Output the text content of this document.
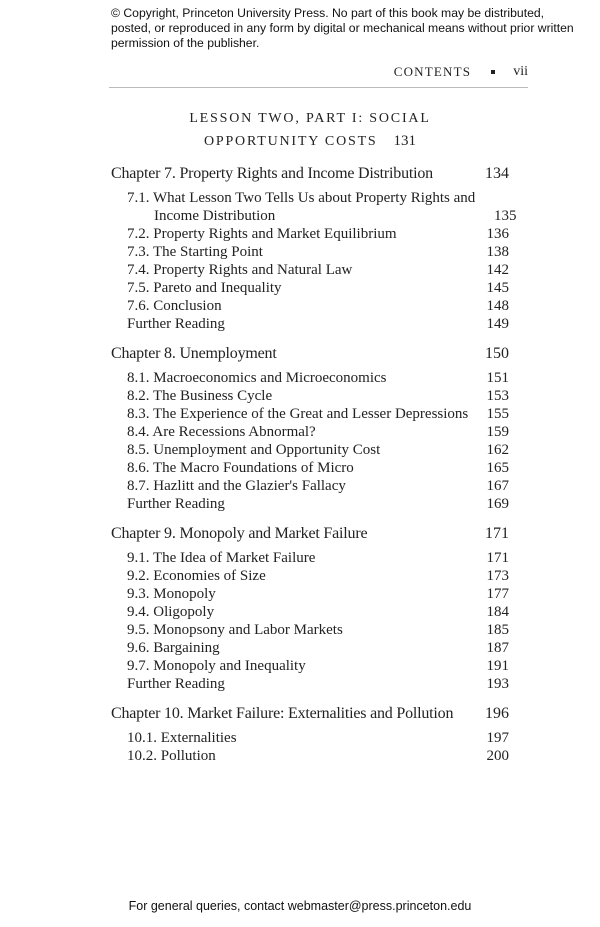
© Copyright, Princeton University Press. No part of this book may be distributed, posted, or reproduced in any form by digital or mechanical means without prior written permission of the publisher.
CONTENTS	vii
LESSON TWO, PART I: SOCIAL
OPPORTUNITY COSTS 131
Chapter 7. Property Rights and Income Distribution	134
7.1. What Lesson Two Tells Us about Property Rights and Income Distribution	135
7.2. Property Rights and Market Equilibrium	136
7.3. The Starting Point	138
7.4. Property Rights and Natural Law	142
7.5. Pareto and Inequality	145
7.6. Conclusion	148
Further Reading	149
Chapter 8. Unemployment	150
8.1. Macroeconomics and Microeconomics	151
8.2. The Business Cycle	153
8.3. The Experience of the Great and Lesser Depressions	155
8.4. Are Recessions Abnormal?	159
8.5. Unemployment and Opportunity Cost	162
8.6. The Macro Foundations of Micro	165
8.7. Hazlitt and the Glazier's Fallacy	167
Further Reading	169
Chapter 9. Monopoly and Market Failure	171
9.1. The Idea of Market Failure	171
9.2. Economies of Size	173
9.3. Monopoly	177
9.4. Oligopoly	184
9.5. Monopsony and Labor Markets	185
9.6. Bargaining	187
9.7. Monopoly and Inequality	191
Further Reading	193
Chapter 10. Market Failure: Externalities and Pollution	196
10.1. Externalities	197
10.2. Pollution	200
For general queries, contact webmaster@press.princeton.edu
